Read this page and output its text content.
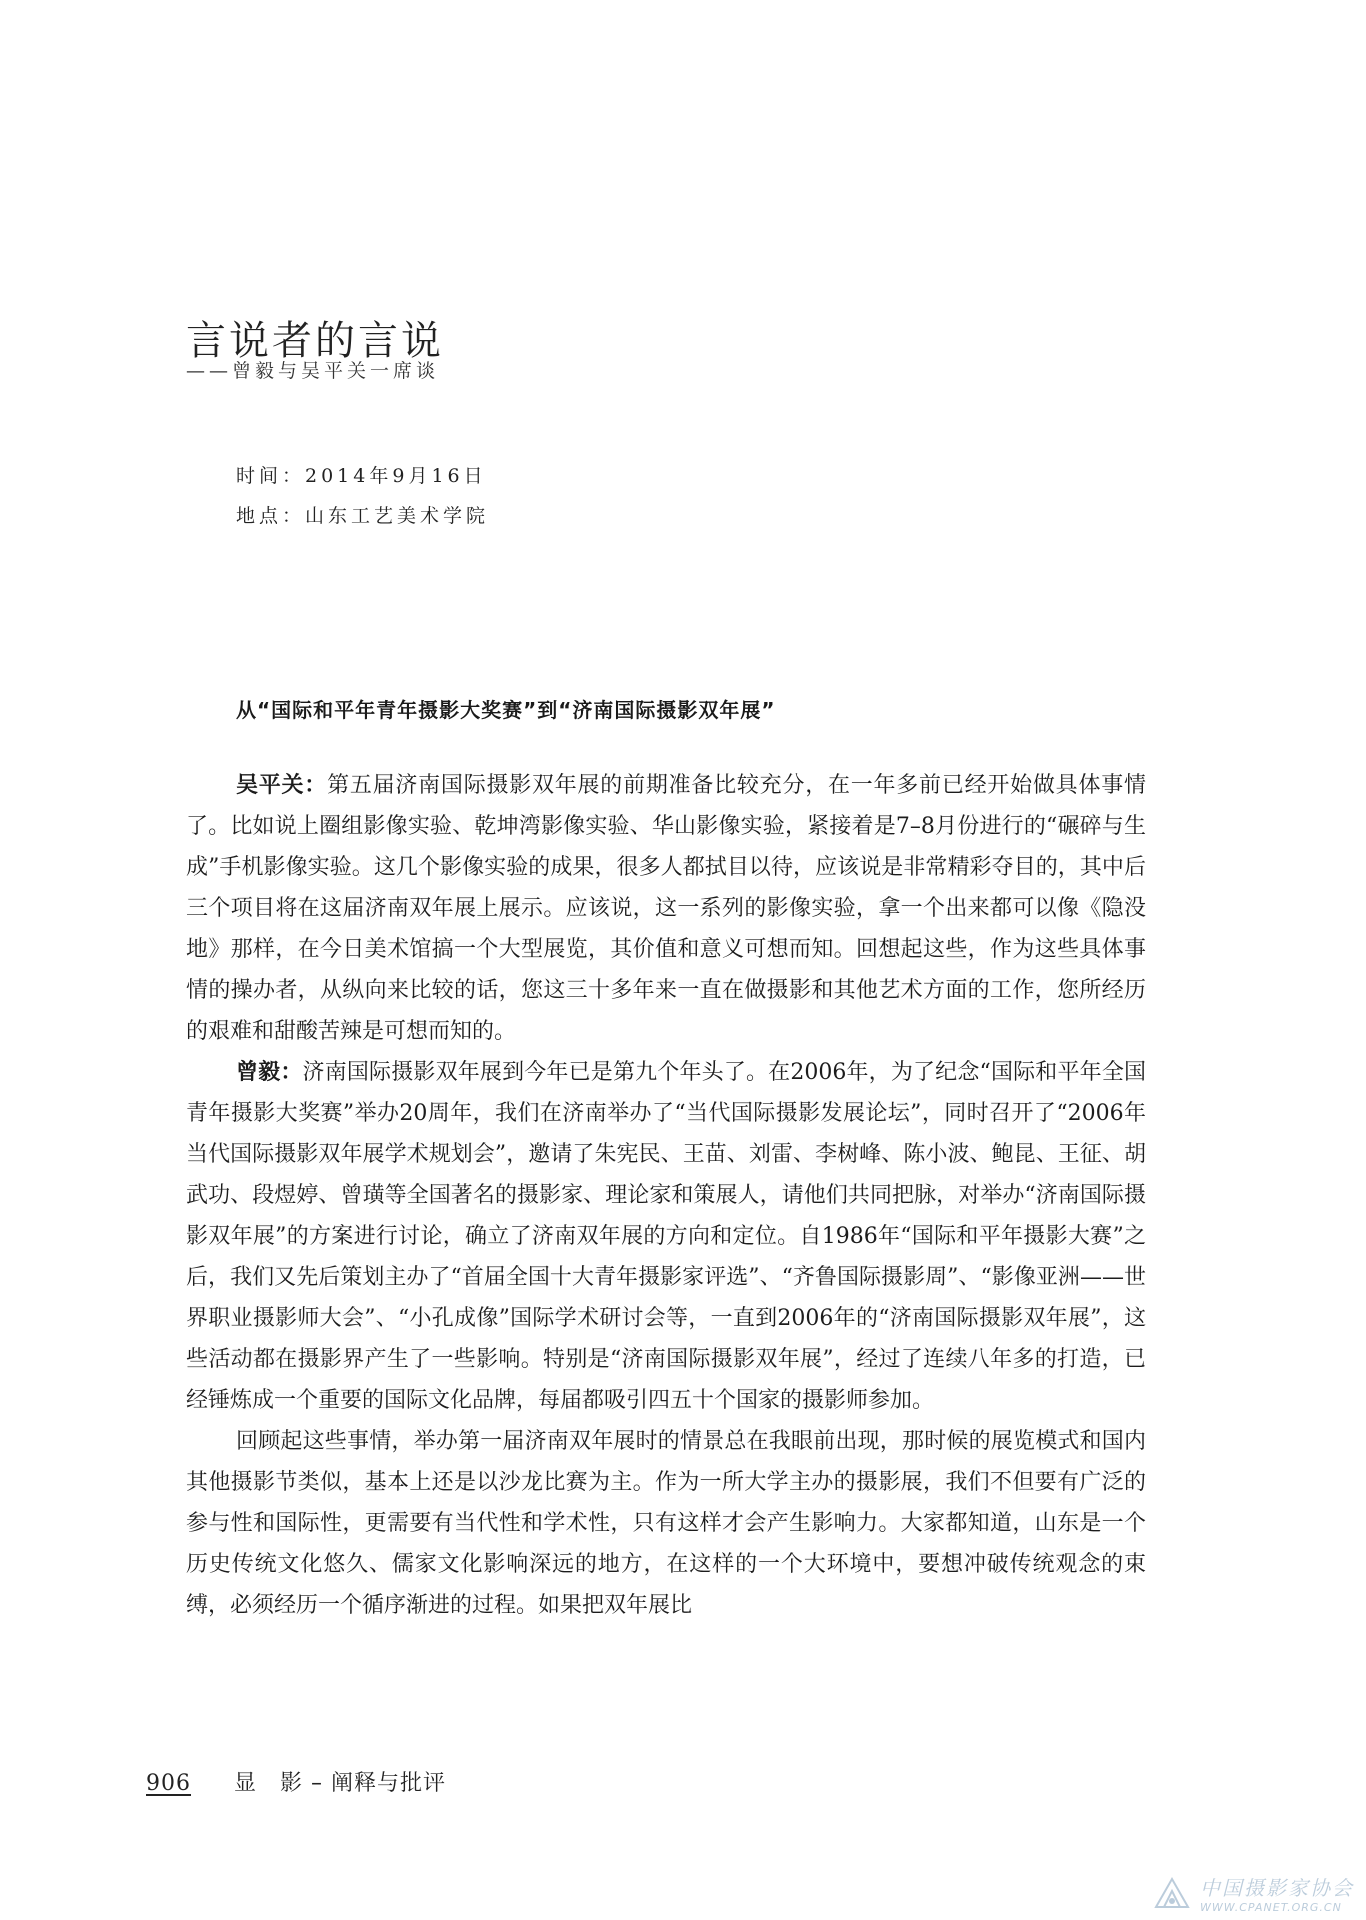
言说者的言说
——曾毅与吴平关一席谈
时间：2014年9月16日
地点：山东工艺美术学院
从“国际和平年青年摄影大奖赛”到“济南国际摄影双年展”

吴平关：第五届济南国际摄影双年展的前期准备比较充分，在一年多前已经开始做具体事情了。比如说上圈组影像实验、乾坤湾影像实验、华山影像实验，紧接着是7–8月份进行的“碾碎与生成”手机影像实验。这几个影像实验的成果，很多人都拭目以待，应该说是非常精彩夺目的，其中后三个项目将在这届济南双年展上展示。应该说，这一系列的影像实验，拿一个出来都可以像《隐没地》那样，在今日美术馆搞一个大型展览，其价值和意义可想而知。回想起这些，作为这些具体事情的操办者，从纵向来比较的话，您这三十多年来一直在做摄影和其他艺术方面的工作，您所经历的艰难和甜酸苦辣是可想而知的。

曾毅：济南国际摄影双年展到今年已是第九个年头了。在2006年，为了纪念“国际和平年全国青年摄影大奖赛”举办20周年，我们在济南举办了“当代国际摄影发展论坛”，同时召开了“2006年当代国际摄影双年展学术规划会”，邀请了朱宪民、王苗、刘雷、李树峰、陈小波、鲍昆、王征、胡武功、段煜婷、曾璜等全国著名的摄影家、理论家和策展人，请他们共同把脉，对举办“济南国际摄影双年展”的方案进行讨论，确立了济南双年展的方向和定位。自1986年“国际和平年摄影大赛”之后，我们又先后策划主办了“首届全国十大青年摄影家评选”、“齐鲁国际摄影周”、“影像亚洲——世界职业摄影师大会”、“小孔成像”国际学术研讨会等，一直到2006年的“济南国际摄影双年展”，这些活动都在摄影界产生了一些影响。特别是“济南国际摄影双年展”，经过了连续八年多的打造，已经锤炼成一个重要的国际文化品牌，每届都吸引四五十个国家的摄影师参加。

回顾起这些事情，举办第一届济南双年展时的情景总在我眼前出现，那时候的展览模式和国内其他摄影节类似，基本上还是以沙龙比赛为主。作为一所大学主办的摄影展，我们不但要有广泛的参与性和国际性，更需要有当代性和学术性，只有这样才会产生影响力。大家都知道，山东是一个历史传统文化悠久、儒家文化影响深远的地方，在这样的一个大环境中，要想冲破传统观念的束缚，必须经历一个循序渐进的过程。如果把双年展比

906 显　影 – 阐释与批评
中国摄影家协会
WWW.CPANET.ORG.CN
